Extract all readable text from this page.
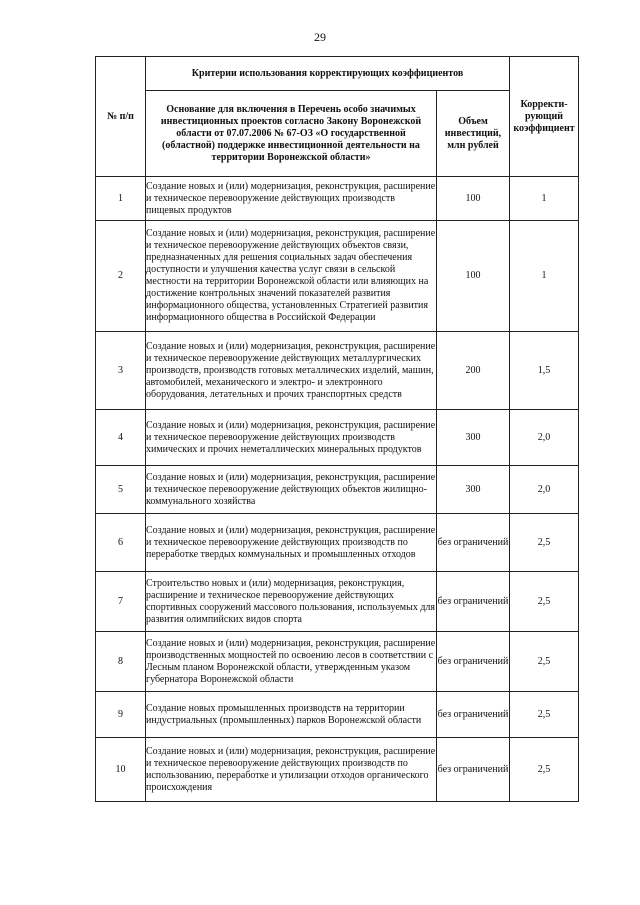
29
№ п/п	Критерии использования корректирующих коэффициентов		Корректи-рующий коэффициент

	Основание для включения в Перечень особо значимых инвестиционных проектов согласно Закону Воронежской области от 07.07.2006 № 67-ОЗ «О государственной (областной) поддержке инвестиционной деятельности на территории Воронежской области»	Объем инвестиций, млн рублей	
1	Создание новых и (или) модернизация, реконструкция, расширение и техническое перевооружение действующих производств пищевых продуктов	100	1
2	Создание новых и (или) модернизация, реконструкция, расширение и техническое перевооружение действующих объектов связи, предназначенных для решения социальных задач обеспечения доступности и улучшения качества услуг связи в сельской местности на территории Воронежской области или влияющих на достижение контрольных значений показателей развития информационного общества, установленных Стратегией развития информационного общества в Российской Федерации	100	1
3	Создание новых и (или) модернизация, реконструкция, расширение и техническое перевооружение действующих металлургических производств, производств готовых металлических изделий, машин, автомобилей, механического и электро- и электронного оборудования, летательных и прочих транспортных средств	200	1,5
4	Создание новых и (или) модернизация, реконструкция, расширение и техническое перевооружение действующих производств химических и прочих неметаллических минеральных продуктов	300	2,0
5	Создание новых и (или) модернизация, реконструкция, расширение и техническое перевооружение действующих объектов жилищно-коммунального хозяйства	300	2,0
6	Создание новых и (или) модернизация, реконструкция, расширение и техническое перевооружение действующих производств по переработке твердых коммунальных и промышленных отходов	без ограничений	2,5
7	Строительство новых и (или) модернизация, реконструкция, расширение и техническое перевооружение действующих спортивных сооружений массового пользования, используемых для развития олимпийских видов спорта	без ограничений	2,5
8	Создание новых и (или) модернизация, реконструкция, расширение производственных мощностей по освоению лесов в соответствии с Лесным планом Воронежской области, утвержденным указом губернатора Воронежской области	без ограничений	2,5
9	Создание новых промышленных производств на территории индустриальных (промышленных) парков Воронежской области	без ограничений	2,5
10	Создание новых и (или) модернизация, реконструкция, расширение и техническое перевооружение действующих производств по использованию, переработке и утилизации отходов органического происхождения	без ограничений	2,5
